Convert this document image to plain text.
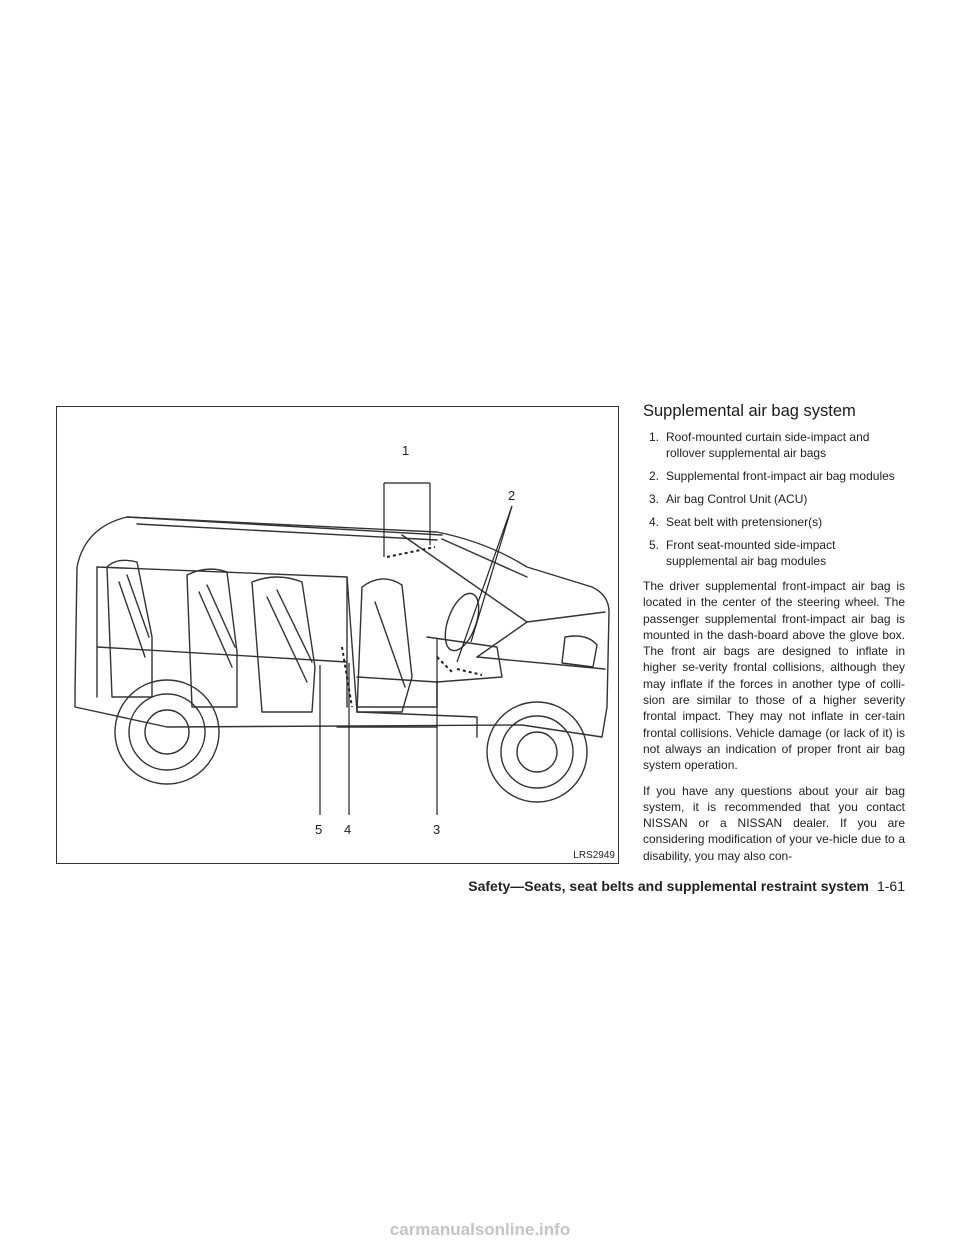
1
2
3
4
5
LRS2949
Supplemental air bag system
1. Roof-mounted curtain side-impact and rollover supplemental air bags
2. Supplemental front-impact air bag modules
3. Air bag Control Unit (ACU)
4. Seat belt with pretensioner(s)
5. Front seat-mounted side-impact supplemental air bag modules

The driver supplemental front-impact air bag is located in the center of the steering wheel. The passenger supplemental front-impact air bag is mounted in the dash-board above the glove box. The front air bags are designed to inflate in higher se-verity frontal collisions, although they may inflate if the forces in another type of colli-sion are similar to those of a higher severity frontal impact. They may not inflate in cer-tain frontal collisions. Vehicle damage (or lack of it) is not always an indication of proper front air bag system operation.

If you have any questions about your air bag system, it is recommended that you contact NISSAN or a NISSAN dealer. If you are considering modification of your ve-hicle due to a disability, you may also con-

Safety—Seats, seat belts and supplemental restraint system 1-61
carmanualsonline.info
